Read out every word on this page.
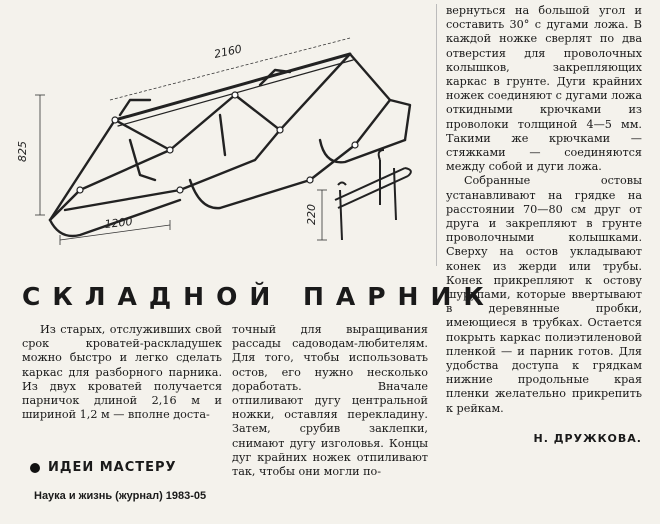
2160
825
1200	220
СКЛАДНОЙ ПАРНИК

Из старых, отслуживших свой срок кроватей-раскладушек можно быстро и легко сделать каркас для разборного парника. Из двух кроватей получается парничок длиной 2,16 м и шириной 1,2 м — вполне доста-

точный для выращивания рассады садоводам-любителям. Для того, чтобы использовать остов, его нужно несколько доработать. Вначале отпиливают дугу центральной ножки, оставляя перекладину. Затем, срубив заклепки, снимают дугу изголовья. Концы дуг крайних ножек отпиливают так, чтобы они могли по-

вернуться на большой угол и составить 30° с дугами ложа. В каждой ножке сверлят по два отверстия для проволочных колышков, закрепляющих каркас в грунте. Дуги крайних ножек соединяют с дугами ложа откидными крючками из проволоки толщиной 4—5 мм. Такими же крючками — стяжками — соединяются между собой и дуги ложа.

Собранные остовы устанавливают на грядке на расстоянии 70—80 см друг от друга и закрепляют в грунте проволочными колышками. Сверху на остов укладывают конек из жерди или трубы. Конек прикрепляют к остову шурупами, которые ввертывают в деревянные пробки, имеющиеся в трубках. Остается покрыть каркас полиэтиленовой пленкой — и парник готов. Для удобства доступа к грядкам нижние продольные края пленки желательно прикрепить к рейкам.

Н. ДРУЖКОВА.
ИДЕИ МАСТЕРУ
Наука и жизнь (журнал) 1983-05
